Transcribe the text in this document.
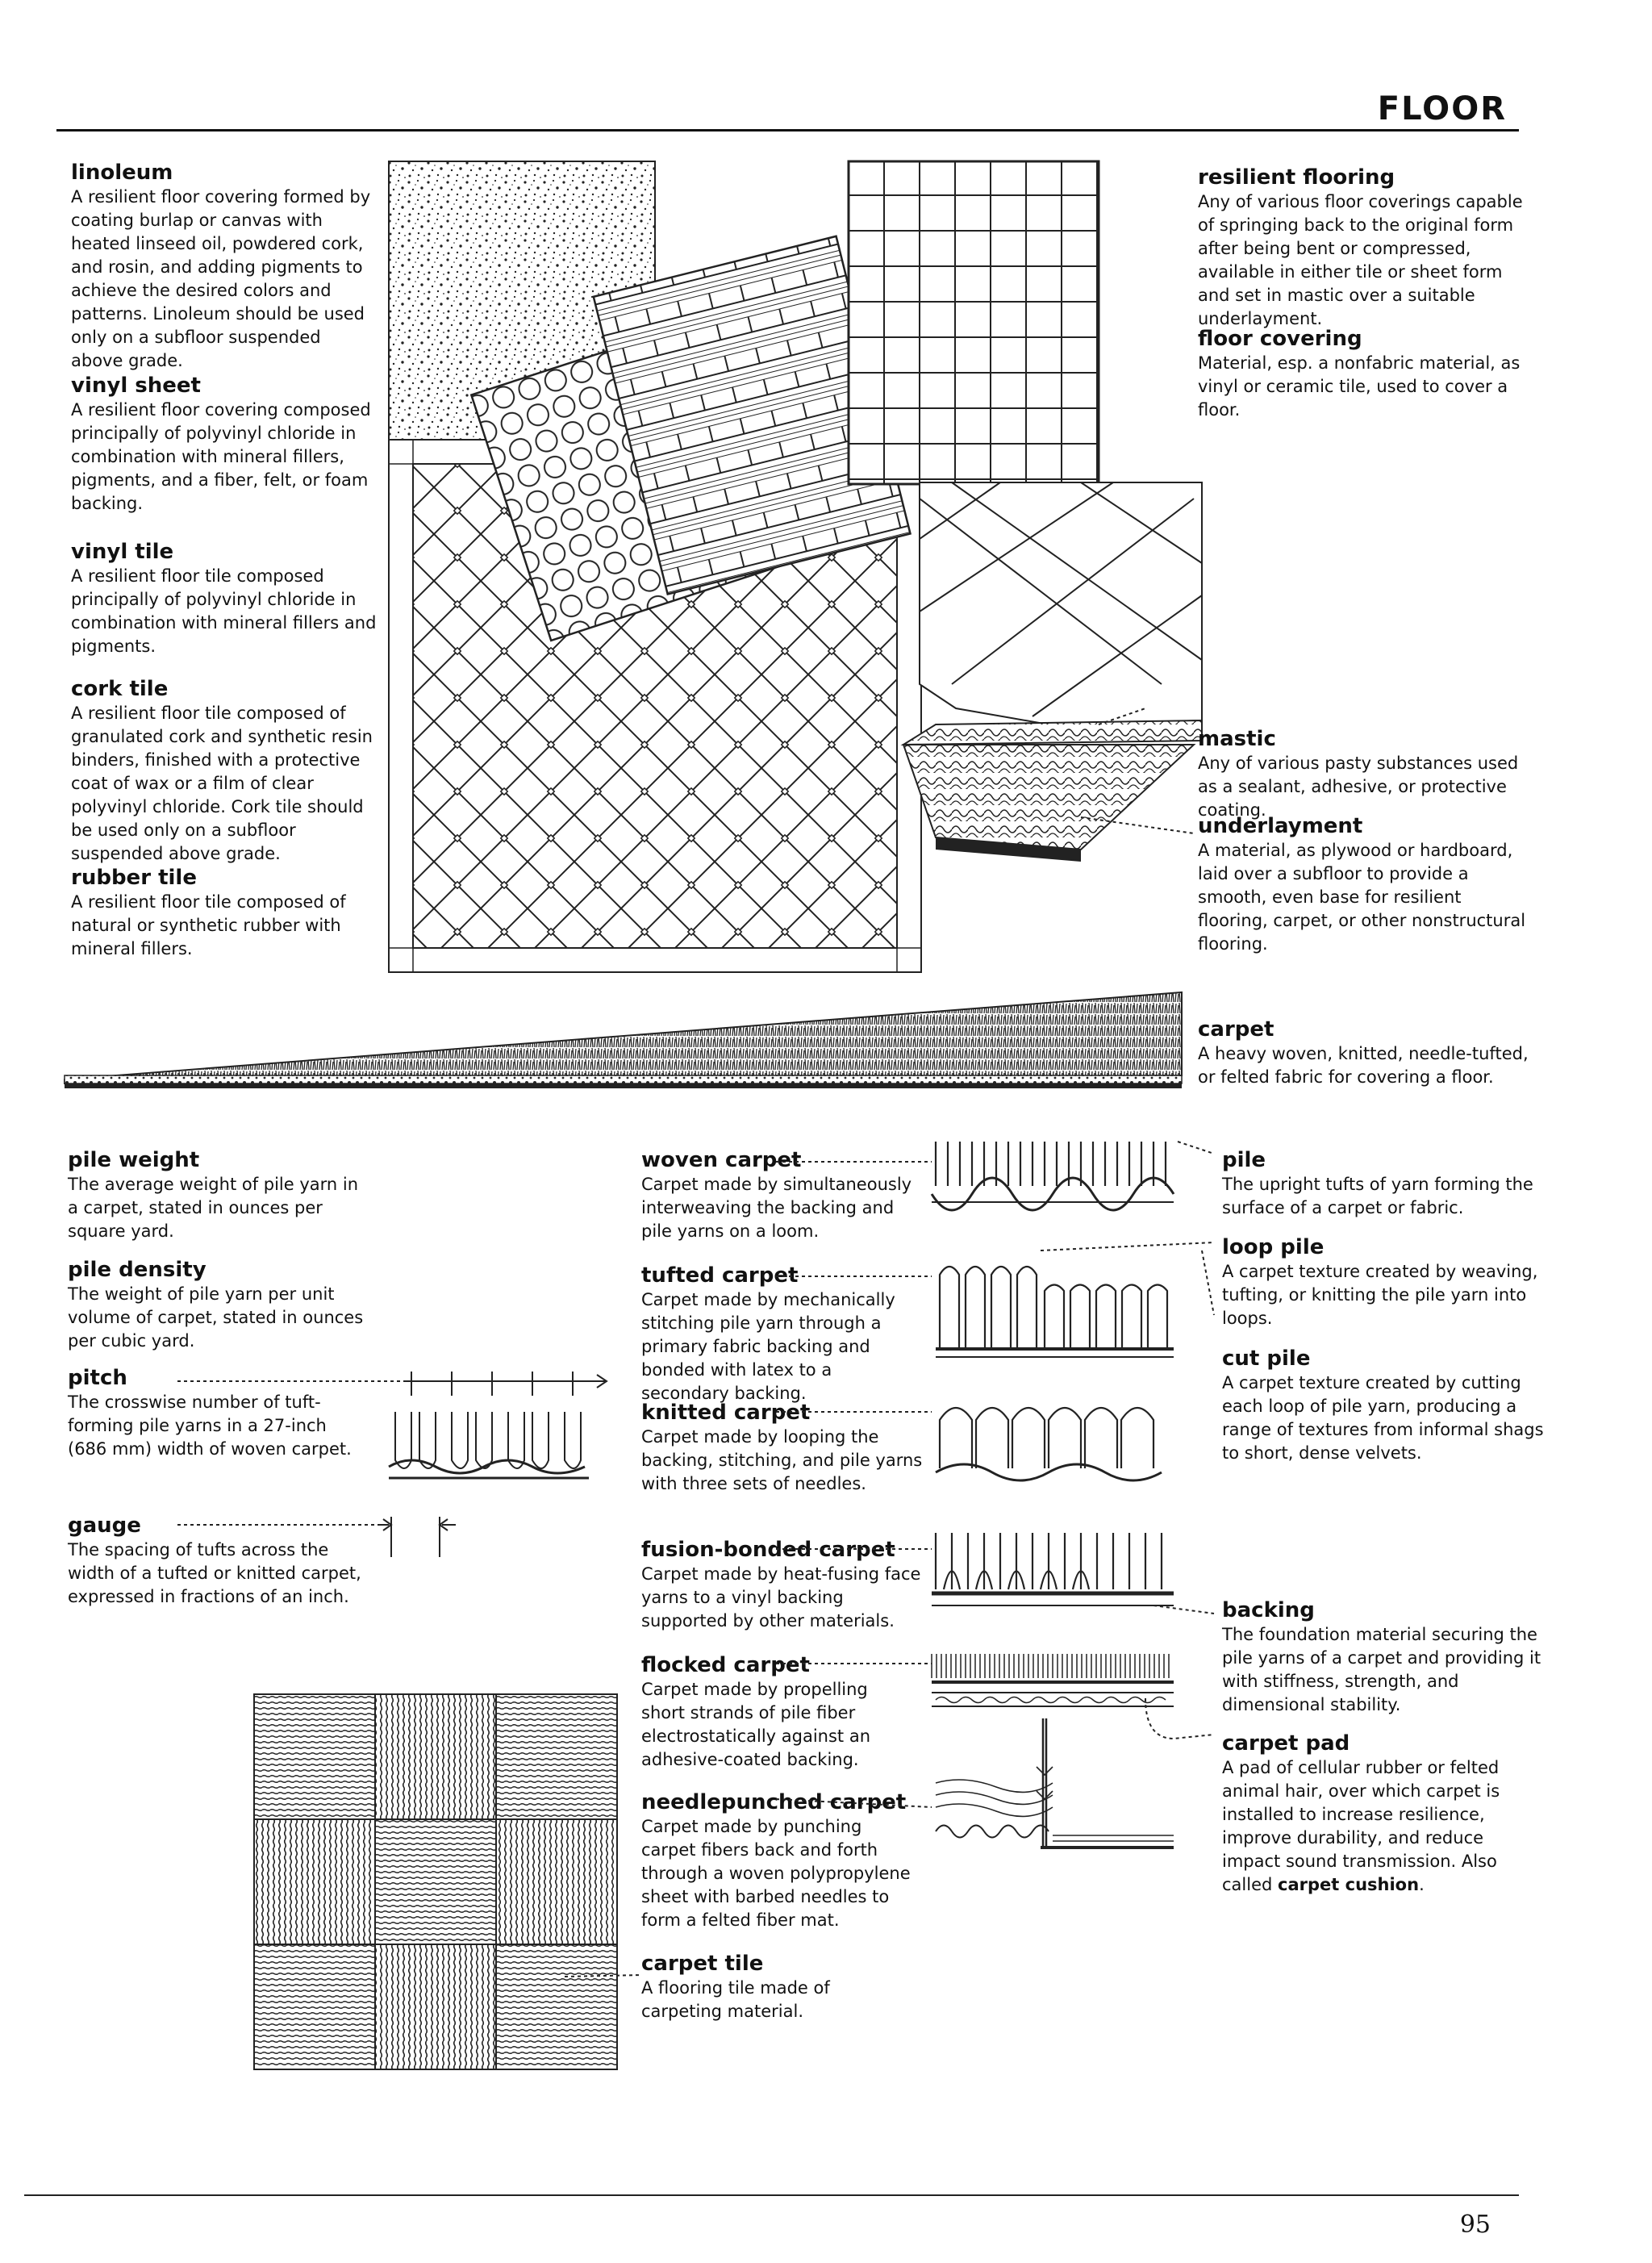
FLOOR
linoleum
A resilient floor covering formed by coating burlap or canvas with heated linseed oil, powdered cork, and rosin, and adding pigments to achieve the desired colors and patterns. Linoleum should be used only on a subfloor suspended above grade.
vinyl sheet
A resilient floor covering composed principally of polyvinyl chloride in combination with mineral fillers, pigments, and a fiber, felt, or foam backing.
vinyl tile
A resilient floor tile composed principally of polyvinyl chloride in combination with mineral fillers and pigments.
cork tile
A resilient floor tile composed of granulated cork and synthetic resin binders, finished with a protective coat of wax or a film of clear polyvinyl chloride. Cork tile should be used only on a subfloor suspended above grade.
rubber tile
A resilient floor tile composed of natural or synthetic rubber with mineral fillers.
resilient flooring
Any of various floor coverings capable of springing back to the original form after being bent or compressed, available in either tile or sheet form and set in mastic over a suitable underlayment.
floor covering
Material, esp. a nonfabric material, as vinyl or ceramic tile, used to cover a floor.
mastic
Any of various pasty substances used as a sealant, adhesive, or protective coating.
underlayment
A material, as plywood or hardboard, laid over a subfloor to provide a smooth, even base for resilient flooring, carpet, or other nonstructural flooring.
carpet
A heavy woven, knitted, needle-tufted, or felted fabric for covering a floor.
pile weight
The average weight of pile yarn in a carpet, stated in ounces per square yard.
pile density
The weight of pile yarn per unit volume of carpet, stated in ounces per cubic yard.
pitch
The crosswise number of tuft-forming pile yarns in a 27-inch (686 mm) width of woven carpet.
gauge
The spacing of tufts across the width of a tufted or knitted carpet, expressed in fractions of an inch.
woven carpet
Carpet made by simultaneously interweaving the backing and pile yarns on a loom.
tufted carpet
Carpet made by mechanically stitching pile yarn through a primary fabric backing and bonded with latex to a secondary backing.
knitted carpet
Carpet made by looping the backing, stitching, and pile yarns with three sets of needles.
fusion-bonded carpet
Carpet made by heat-fusing face yarns to a vinyl backing supported by other materials.
flocked carpet
Carpet made by propelling short strands of pile fiber electrostatically against an adhesive-coated backing.
needlepunched carpet
Carpet made by punching carpet fibers back and forth through a woven polypropylene sheet with barbed needles to form a felted fiber mat.
carpet tile
A flooring tile made of carpeting material.
pile
The upright tufts of yarn forming the surface of a carpet or fabric.
loop pile
A carpet texture created by weaving, tufting, or knitting the pile yarn into loops.
cut pile
A carpet texture created by cutting each loop of pile yarn, producing a range of textures from informal shags to short, dense velvets.
backing
The foundation material securing the pile yarns of a carpet and providing it with stiffness, strength, and dimensional stability.
carpet pad
A pad of cellular rubber or felted animal hair, over which carpet is installed to increase resilience, improve durability, and reduce impact sound transmission. Also called carpet cushion.
95
